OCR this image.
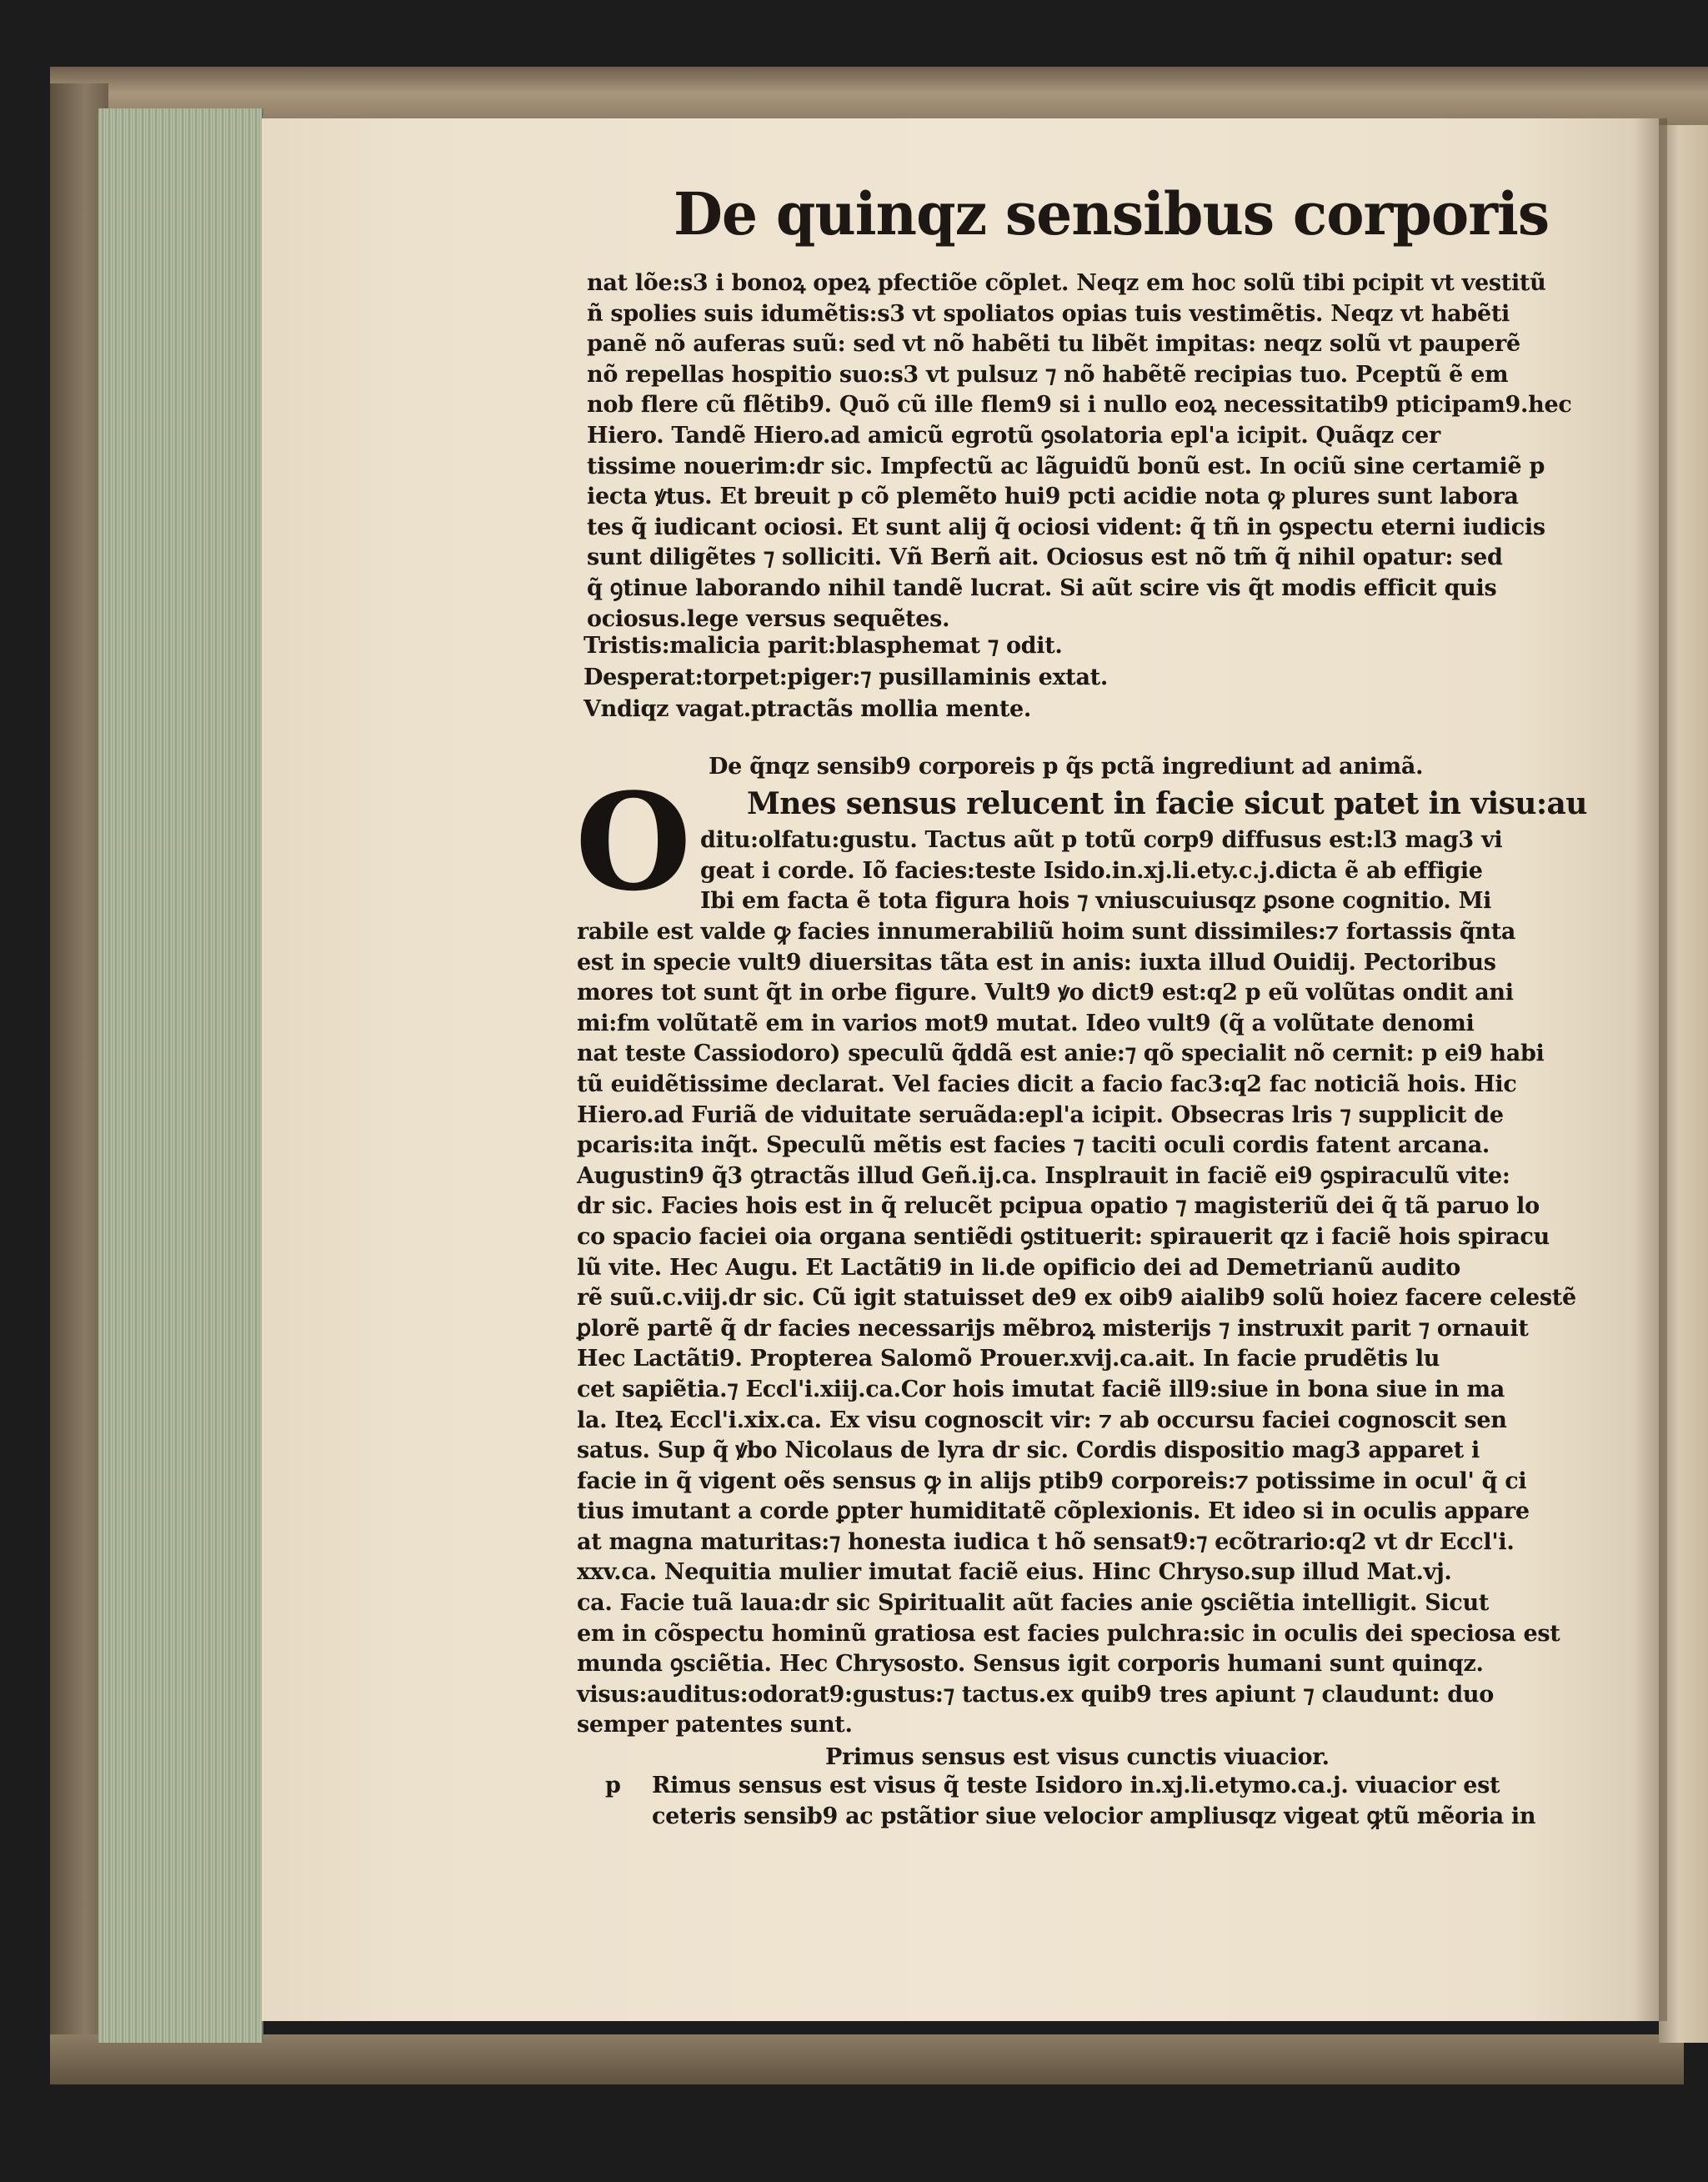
De quinqz sensibus corporis
nat lõe:s3 i bonoꝝ opeꝝ pfectiõe cõplet. Neqz em hoc solũ tibi pcipit vt vestitũ
ñ spolies suis idumẽtis:s3 vt spoliatos opias tuis vestimẽtis. Neqz vt habẽti
panẽ nõ auferas suũ: sed vt nõ habẽti tu libẽt impitas: neqz solũ vt pauperẽ
nõ repellas hospitio suo:s3 vt pulsuz ⁊ nõ habẽtẽ recipias tuo. Pceptũ ẽ em
nob flere cũ flẽtib9. Quõ cũ ille flem9 si i nullo eoꝝ necessitatib9 pticipam9.hec
Hiero. Tandẽ Hiero.ad amicũ egrotũ ꝯsolatoria epl'a icipit. Quãqz cer
tissime nouerim:dr sic. Impfectũ ac lãguidũ bonũ est. In ociũ sine certamiẽ p
iecta ꝟtus. Et breuit p cõ plemẽto hui9 pcti acidie nota ꝙ plures sunt labora
tes q̃ iudicant ociosi. Et sunt alij q̃ ociosi vident: q̃ tñ in ꝯspectu eterni iudicis
sunt diligẽtes ⁊ solliciti. Vñ Berñ ait. Ociosus est nõ tm̃ q̃ nihil opatur: sed
q̃ ꝯtinue laborando nihil tandẽ lucrat. Si aũt scire vis q̃t modis efficit quis
ociosus.lege versus sequẽtes.
Tristis:malicia parit:blasphemat ⁊ odit.
Desperat:torpet:piger:⁊ pusillaminis extat.
Vndiqz vagat.ptractãs mollia mente.
De q̃nqz sensib9 corporeis p q̃s pctã ingrediunt ad animã.
O Mnes sensus relucent in facie sicut patet in visu:au
ditu:olfatu:gustu. Tactus aũt p totũ corp9 diffusus est:l3 mag3 vi
geat i corde. Iõ facies:teste Isido.in.xj.li.ety.c.j.dicta ẽ ab effigie
Ibi em facta ẽ tota figura hois ⁊ vniuscuiusqz ꝑsone cognitio. Mi
rabile est valde ꝙ facies innumerabiliũ hoim sunt dissimiles:⁊ fortassis q̃nta
est in specie vult9 diuersitas tãta est in anis: iuxta illud Ouidij. Pectoribus
mores tot sunt q̃t in orbe figure. Vult9 ꝟo dict9 est:q2 p eũ volũtas ondit ani
mi:fm volũtatẽ em in varios mot9 mutat. Ideo vult9 (q̃ a volũtate denomi
nat teste Cassiodoro) speculũ q̃ddã est anie:⁊ qõ specialit nõ cernit: p ei9 habi
tũ euidẽtissime declarat. Vel facies dicit a facio fac3:q2 fac noticiã hois. Hic
Hiero.ad Furiã de viduitate seruãda:epl'a icipit. Obsecras lris ⁊ supplicit de
pcaris:ita inq̃t. Speculũ mẽtis est facies ⁊ taciti oculi cordis fatent arcana.
Augustin9 q̃3 ꝯtractãs illud Geñ.ij.ca. Insplrauit in faciẽ ei9 ꝯspiraculũ vite:
dr sic. Facies hois est in q̃ relucẽt pcipua opatio ⁊ magisteriũ dei q̃ tã paruo lo
co spacio faciei oia organa sentiẽdi ꝯstituerit: spirauerit qz i faciẽ hois spiracu
lũ vite. Hec Augu. Et Lactãti9 in li.de opificio dei ad Demetrianũ audito
rẽ suũ.c.viij.dr sic. Cũ igit statuisset de9 ex oib9 aialib9 solũ hoiez facere celestẽ
ꝑlorẽ partẽ q̃ dr facies necessarijs mẽbroꝝ misterijs ⁊ instruxit parit ⁊ ornauit
Hec Lactãti9. Propterea Salomõ Prouer.xvij.ca.ait. In facie prudẽtis lu
cet sapiẽtia.⁊ Eccl'i.xiij.ca.Cor hois imutat faciẽ ill9:siue in bona siue in ma
la. Iteꝝ Eccl'i.xix.ca. Ex visu cognoscit vir: ⁊ ab occursu faciei cognoscit sen
satus. Sup q̃ ꝟbo Nicolaus de lyra dr sic. Cordis dispositio mag3 apparet i
facie in q̃ vigent oẽs sensus ꝙ in alijs ptib9 corporeis:⁊ potissime in ocul' q̃ ci
tius imutant a corde ꝑpter humiditatẽ cõplexionis. Et ideo si in oculis appare
at magna maturitas:⁊ honesta iudica t hõ sensat9:⁊ ecõtrario:q2 vt dr Eccl'i.
xxv.ca. Nequitia mulier imutat faciẽ eius. Hinc Chryso.sup illud Mat.vj.
ca. Facie tuã laua:dr sic Spiritualit aũt facies anie ꝯsciẽtia intelligit. Sicut
em in cõspectu hominũ gratiosa est facies pulchra:sic in oculis dei speciosa est
munda ꝯsciẽtia. Hec Chrysosto. Sensus igit corporis humani sunt quinqz.
visus:auditus:odorat9:gustus:⁊ tactus.ex quib9 tres apiunt ⁊ claudunt: duo
semper patentes sunt.
Primus sensus est visus cunctis viuacior.
p	Rimus sensus est visus q̃ teste Isidoro in.xj.li.etymo.ca.j. viuacior est
ceteris sensib9 ac pstãtior siue velocior ampliusqz vigeat ꝙtũ mẽoria in
